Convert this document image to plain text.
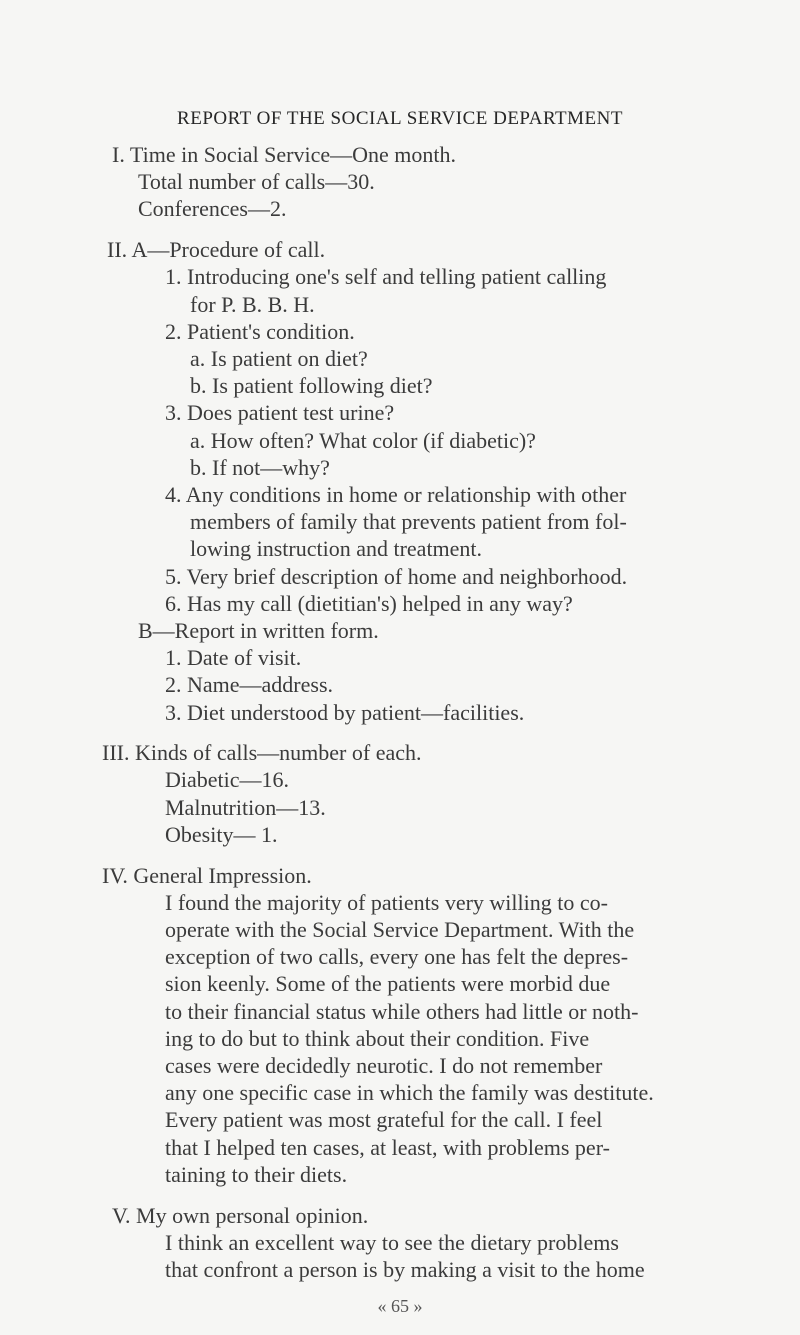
REPORT OF THE SOCIAL SERVICE DEPARTMENT
I. Time in Social Service—One month.
Total number of calls—30.
Conferences—2.
II. A—Procedure of call.
1. Introducing one's self and telling patient calling
for P. B. B. H.
2. Patient's condition.
a. Is patient on diet?
b. Is patient following diet?
3. Does patient test urine?
a. How often? What color (if diabetic)?
b. If not—why?
4. Any conditions in home or relationship with other
members of family that prevents patient from fol-
lowing instruction and treatment.
5. Very brief description of home and neighborhood.
6. Has my call (dietitian's) helped in any way?
B—Report in written form.
1. Date of visit.
2. Name—address.
3. Diet understood by patient—facilities.
III. Kinds of calls—number of each.
Diabetic—16.
Malnutrition—13.
Obesity— 1.
IV. General Impression.
I found the majority of patients very willing to co-
operate with the Social Service Department. With the
exception of two calls, every one has felt the depres-
sion keenly. Some of the patients were morbid due
to their financial status while others had little or noth-
ing to do but to think about their condition. Five
cases were decidedly neurotic. I do not remember
any one specific case in which the family was destitute.
Every patient was most grateful for the call. I feel
that I helped ten cases, at least, with problems per-
taining to their diets.
V. My own personal opinion.
I think an excellent way to see the dietary problems
that confront a person is by making a visit to the home
« 65 »
